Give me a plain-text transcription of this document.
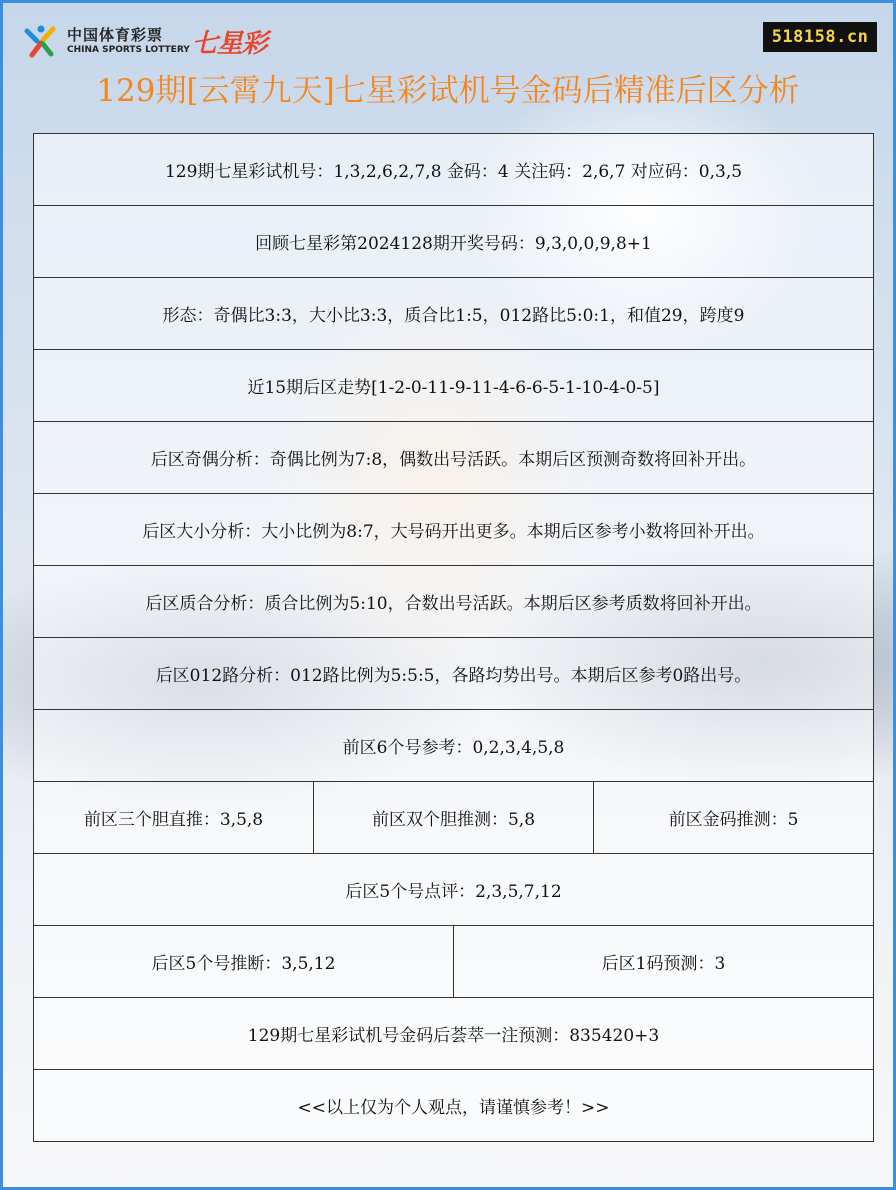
中国体育彩票
CHINA SPORTS LOTTERY 七星彩	518158.cn
129期[云霄九天]七星彩试机号金码后精准后区分析
129期七星彩试机号：1,3,2,6,2,7,8 金码：4 关注码：2,6,7 对应码：0,3,5			
回顾七星彩第2024128期开奖号码：9,3,0,0,9,8+1			
形态：奇偶比3:3，大小比3:3，质合比1:5，012路比5:0:1，和值29，跨度9			
近15期后区走势[1-2-0-11-9-11-4-6-6-5-1-10-4-0-5]			
后区奇偶分析：奇偶比例为7:8，偶数出号活跃。本期后区预测奇数将回补开出。			
后区大小分析：大小比例为8:7，大号码开出更多。本期后区参考小数将回补开出。			
后区质合分析：质合比例为5:10，合数出号活跃。本期后区参考质数将回补开出。			
后区012路分析：012路比例为5:5:5，各路均势出号。本期后区参考0路出号。			
前区6个号参考：0,2,3,4,5,8			
前区三个胆直推：3,5,8	前区双个胆推测：5,8		前区金码推测：5
后区5个号点评：2,3,5,7,12			
后区5个号推断：3,5,12		后区1码预测：3	
129期七星彩试机号金码后荟萃一注预测：835420+3			
<<以上仅为个人观点，请谨慎参考！>>			
